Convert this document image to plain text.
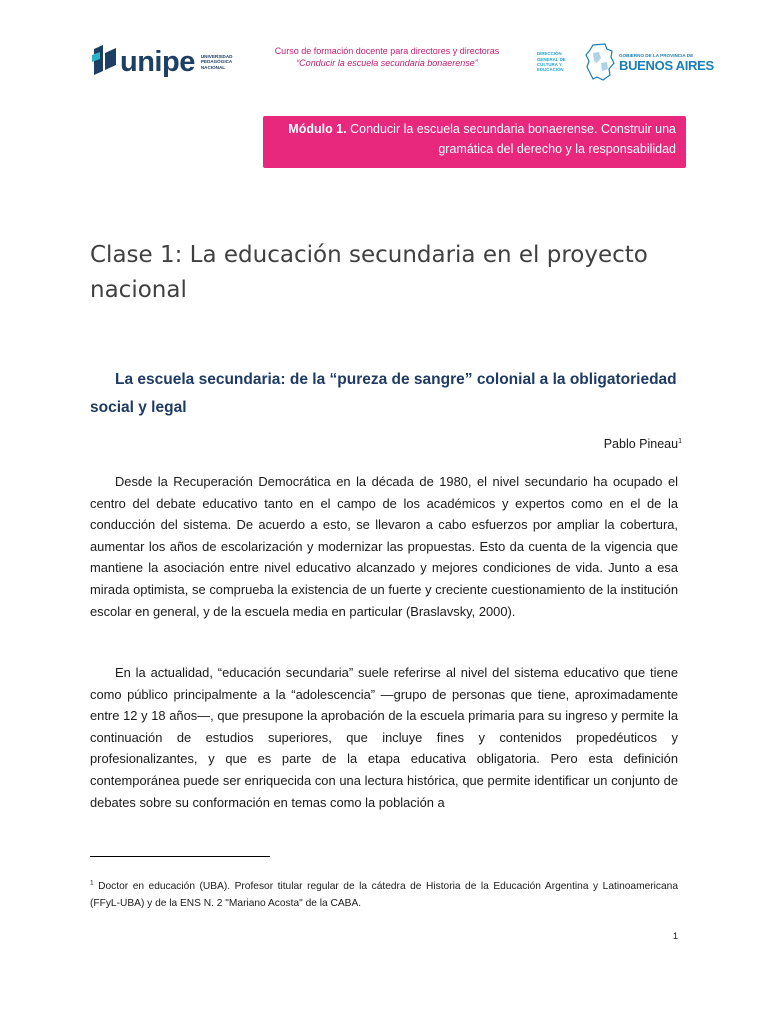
unipe UNIVERSIDAD PEDAGÓGICA NACIONAL
Curso de formación docente para directores y directoras
“Conducir la escuela secundaria bonaerense”
DIRECCIÓN GENERAL DE CULTURA Y EDUCACIÓN
GOBIERNO DE LA PROVINCIA DE
BUENOS AIRES
Módulo 1. Conducir la escuela secundaria bonaerense. Construir una gramática del derecho y la responsabilidad
Clase 1: La educación secundaria en el proyecto nacional
La escuela secundaria: de la “pureza de sangre” colonial a la obligatoriedad social y legal
Pablo Pineau$^1$

Desde la Recuperación Democrática en la década de 1980, el nivel secundario ha ocupado el centro del debate educativo tanto en el campo de los académicos y expertos como en el de la conducción del sistema. De acuerdo a esto, se llevaron a cabo esfuerzos por ampliar la cobertura, aumentar los años de escolarización y modernizar las propuestas. Esto da cuenta de la vigencia que mantiene la asociación entre nivel educativo alcanzado y mejores condiciones de vida. Junto a esa mirada optimista, se comprueba la existencia de un fuerte y creciente cuestionamiento de la institución escolar en general, y de la escuela media en particular (Braslavsky, 2000).

En la actualidad, “educación secundaria” suele referirse al nivel del sistema educativo que tiene como público principalmente a la “adolescencia” —grupo de personas que tiene, aproximadamente entre 12 y 18 años—, que presupone la aprobación de la escuela primaria para su ingreso y permite la continuación de estudios superiores, que incluye fines y contenidos propedéuticos y profesionalizantes, y que es parte de la etapa educativa obligatoria. Pero esta definición contemporánea puede ser enriquecida con una lectura histórica, que permite identificar un conjunto de debates sobre su conformación en temas como la población a

$^1$ Doctor en educación (UBA). Profesor titular regular de la cátedra de Historia de la Educación Argentina y Latinoamericana (FFyL-UBA) y de la ENS N. 2 "Mariano Acosta" de la CABA.

1
